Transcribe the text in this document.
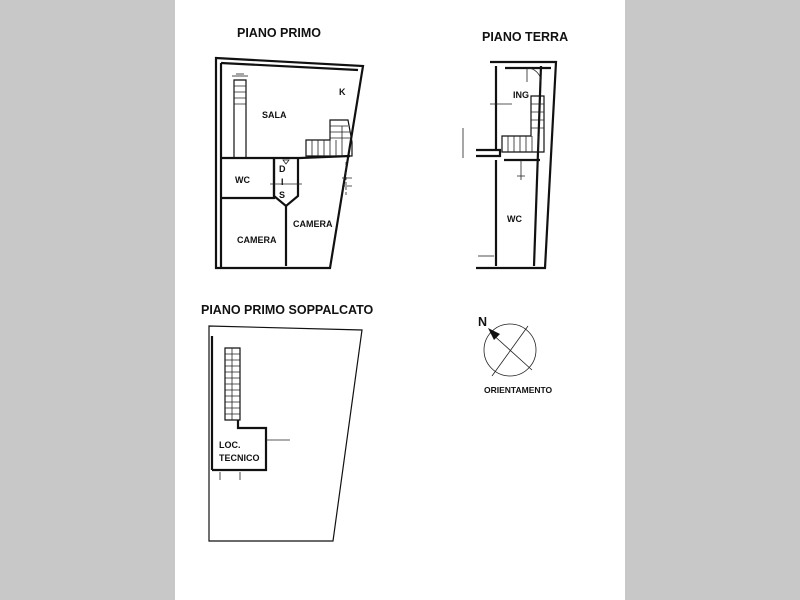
PIANO PRIMO
SALA
K
WC
D
I
S
CAMERA
CAMERA
PIANO TERRA
ING
WC
PIANO PRIMO SOPPALCATO
LOC.
TECNICO
N
ORIENTAMENTO
